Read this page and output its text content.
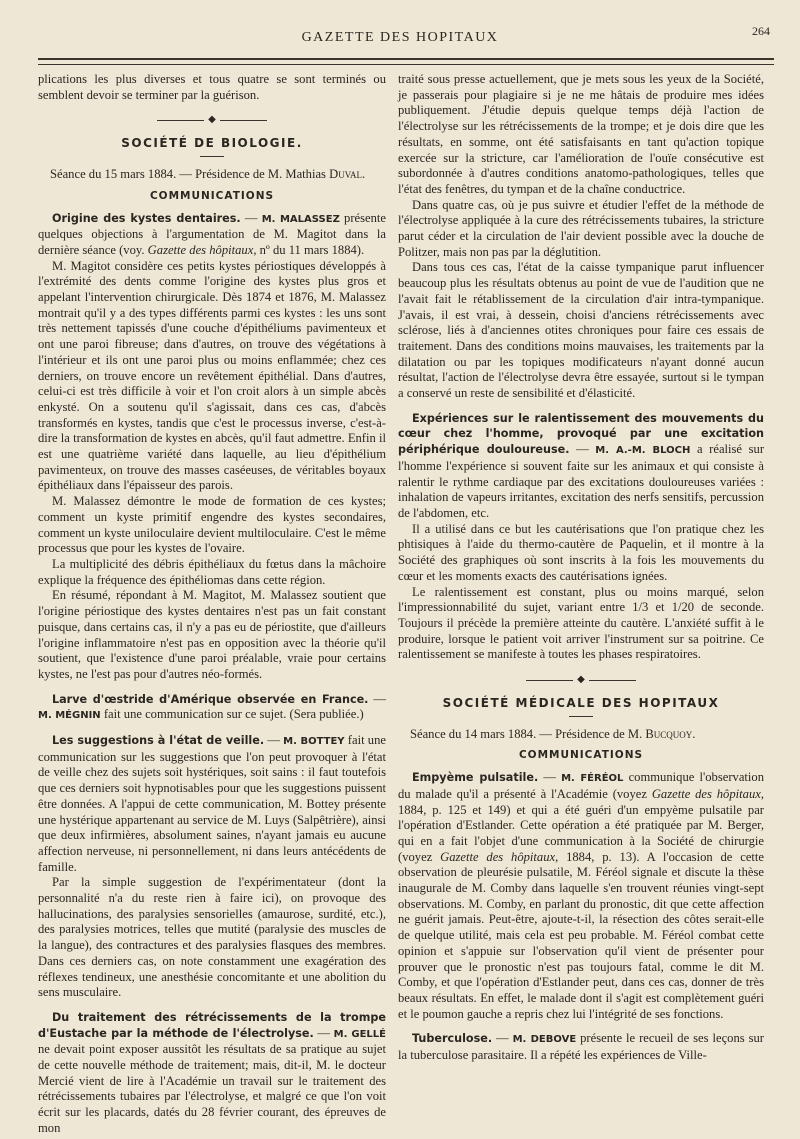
GAZETTE DES HOPITAUX	264

plications les plus diverses et tous quatre se sont terminés ou semblent devoir se terminer par la guérison.

◆
SOCIÉTÉ DE BIOLOGIE.

Séance du 15 mars 1884. — Présidence de M. Mathias Duval.

COMMUNICATIONS

Origine des kystes dentaires. — M. MALASSEZ présente quelques objections à l'argumentation de M. Magitot dans la dernière séance (voy. Gazette des hôpitaux, nº du 11 mars 1884).

M. Magitot considère ces petits kystes périostiques développés à l'extrémité des dents comme l'origine des kystes plus gros et appelant l'intervention chirurgicale. Dès 1874 et 1876, M. Malassez montrait qu'il y a des types différents parmi ces kystes : les uns sont très nettement tapissés d'une couche d'épithéliums pavimenteux et ont une paroi fibreuse; dans d'autres, on trouve des végétations à l'intérieur et ils ont une paroi plus ou moins enflammée; chez ces derniers, on trouve encore un revêtement épithélial. Dans d'autres, celui-ci est très difficile à voir et l'on croit alors à un simple abcès enkysté. On a soutenu qu'il s'agissait, dans ces cas, d'abcès transformés en kystes, tandis que c'est le processus inverse, c'est-à-dire la transformation de kystes en abcès, qu'il faut admettre. Enfin il est une quatrième variété dans laquelle, au lieu d'épithélium pavimenteux, on trouve des masses caséeuses, de véritables boyaux épithéliaux dans l'épaisseur des parois.

M. Malassez démontre le mode de formation de ces kystes; comment un kyste primitif engendre des kystes secondaires, comment un kyste uniloculaire devient multiloculaire. C'est le même processus que pour les kystes de l'ovaire.

La multiplicité des débris épithéliaux du fœtus dans la mâchoire explique la fréquence des épithéliomas dans cette région.

En résumé, répondant à M. Magitot, M. Malassez soutient que l'origine périostique des kystes dentaires n'est pas un fait constant puisque, dans certains cas, il n'y a pas eu de périostite, que d'ailleurs l'origine inflammatoire n'est pas en opposition avec la théorie qu'il soutient, que l'existence d'une paroi préalable, vraie pour certains kystes, ne l'est pas pour d'autres néo-formés.

Larve d'œstride d'Amérique observée en France. — M. MÉGNIN fait une communication sur ce sujet. (Sera publiée.)

Les suggestions à l'état de veille. — M. BOTTEY fait une communication sur les suggestions que l'on peut provoquer à l'état de veille chez des sujets soit hystériques, soit sains : il faut toutefois que ces derniers soit hypnotisables pour que les suggestions puissent être données. A l'appui de cette communication, M. Bottey présente une hystérique appartenant au service de M. Luys (Salpêtrière), ainsi que deux infirmières, absolument saines, n'ayant jamais eu aucune affection nerveuse, ni personnellement, ni dans leurs antécédents de famille.

Par la simple suggestion de l'expérimentateur (dont la personnalité n'a du reste rien à faire ici), on provoque des hallucinations, des paralysies sensorielles (amaurose, surdité, etc.), des paralysies motrices, telles que mutité (paralysie des muscles de la langue), des contractures et des paralysies flasques des membres. Dans ces derniers cas, on note constamment une exagération des réflexes tendineux, une anesthésie concomitante et une abolition du sens musculaire.

Du traitement des rétrécissements de la trompe d'Eustache par la méthode de l'électrolyse. — M. GELLÉ ne devait point exposer aussitôt les résultats de sa pratique au sujet de cette nouvelle méthode de traitement; mais, dit-il, M. le docteur Mercié vient de lire à l'Académie un travail sur le traitement des rétrécissements tubaires par l'électrolyse, et malgré ce que l'on voit écrit sur les placards, datés du 28 février courant, des épreuves de mon

traité sous presse actuellement, que je mets sous les yeux de la Société, je passerais pour plagiaire si je ne me hâtais de produire mes idées publiquement. J'étudie depuis quelque temps déjà l'action de l'électrolyse sur les rétrécissements de la trompe; et je dois dire que les résultats, en somme, ont été satisfaisants en tant qu'action topique exercée sur la stricture, car l'amélioration de l'ouïe consécutive est subordonnée à d'autres conditions anatomo-pathologiques, telles que l'état des fenêtres, du tympan et de la chaîne conductrice.

Dans quatre cas, où je pus suivre et étudier l'effet de la méthode de l'électrolyse appliquée à la cure des rétrécissements tubaires, la stricture parut céder et la circulation de l'air devient possible avec la douche de Politzer, mais non pas par la déglutition.

Dans tous ces cas, l'état de la caisse tympanique parut influencer beaucoup plus les résultats obtenus au point de vue de l'audition que ne l'avait fait le rétablissement de la circulation d'air intra-tympanique. J'avais, il est vrai, à dessein, choisi d'anciens rétrécissements avec sclérose, liés à d'anciennes otites chroniques pour faire ces essais de traitement. Dans des conditions moins mauvaises, les traitements par la dilatation ou par les topiques modificateurs n'ayant donné aucun résultat, l'action de l'électrolyse devra être essayée, surtout si le tympan a conservé un reste de sensibilité et d'élasticité.

Expériences sur le ralentissement des mouvements du cœur chez l'homme, provoqué par une excitation périphérique douloureuse. — M. A.-M. BLOCH a réalisé sur l'homme l'expérience si souvent faite sur les animaux et qui consiste à ralentir le rythme cardiaque par des excitations douloureuses variées : inhalation de vapeurs irritantes, excitation des nerfs sensitifs, percussion de l'abdomen, etc.

Il a utilisé dans ce but les cautérisations que l'on pratique chez les phtisiques à l'aide du thermo-cautère de Paquelin, et il montre à la Société des graphiques où sont inscrits à la fois les mouvements du cœur et les moments exacts des cautérisations ignées.

Le ralentissement est constant, plus ou moins marqué, selon l'impressionnabilité du sujet, variant entre 1/3 et 1/20 de seconde. Toujours il précède la première atteinte du cautère. L'anxiété suffit à le produire, lorsque le patient voit arriver l'instrument sur sa poitrine. Ce ralentissement se manifeste à toutes les phases respiratoires.

◆
SOCIÉTÉ MÉDICALE DES HOPITAUX

Séance du 14 mars 1884. — Présidence de M. Bucquoy.

COMMUNICATIONS

Empyème pulsatile. — M. FÉRÉOL communique l'observation du malade qu'il a présenté à l'Académie (voyez Gazette des hôpitaux, 1884, p. 125 et 149) et qui a été guéri d'un empyème pulsatile par l'opération d'Estlander. Cette opération a été pratiquée par M. Berger, qui en a fait l'objet d'une communication à la Société de chirurgie (voyez Gazette des hôpitaux, 1884, p. 13). A l'occasion de cette observation de pleurésie pulsatile, M. Féréol signale et discute la thèse inaugurale de M. Comby dans laquelle s'en trouvent réunies vingt-sept observations. M. Comby, en parlant du pronostic, dit que cette affection ne guérit jamais. Peut-être, ajoute-t-il, la résection des côtes serait-elle de quelque utilité, mais cela est peu probable. M. Féréol combat cette opinion et s'appuie sur l'observation qu'il vient de présenter pour prouver que le pronostic n'est pas toujours fatal, comme le dit M. Comby, et que l'opération d'Estlander peut, dans ces cas, donner de très beaux résultats. En effet, le malade dont il s'agit est complètement guéri et le poumon gauche a repris chez lui l'intégrité de ses fonctions.

Tuberculose. — M. DEBOVE présente le recueil de ses leçons sur la tuberculose parasitaire. Il a répété les expériences de Ville-
